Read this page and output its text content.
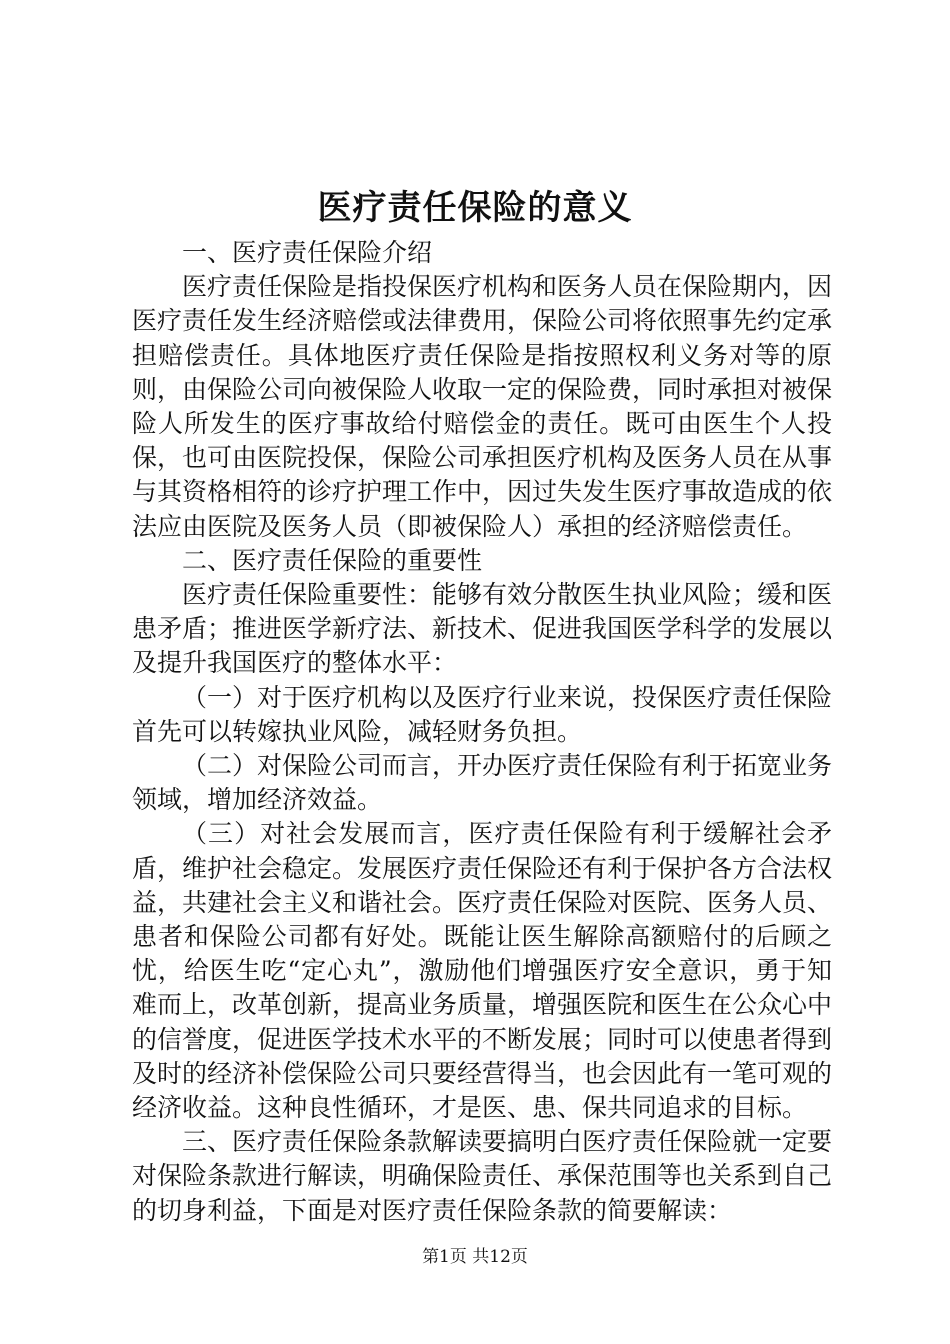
医疗责任保险的意义

一、医疗责任保险介绍

医疗责任保险是指投保医疗机构和医务人员在保险期内，因医疗责任发生经济赔偿或法律费用，保险公司将依照事先约定承担赔偿责任。具体地医疗责任保险是指按照权利义务对等的原则，由保险公司向被保险人收取一定的保险费，同时承担对被保险人所发生的医疗事故给付赔偿金的责任。既可由医生个人投保，也可由医院投保，保险公司承担医疗机构及医务人员在从事与其资格相符的诊疗护理工作中，因过失发生医疗事故造成的依法应由医院及医务人员（即被保险人）承担的经济赔偿责任。

二、医疗责任保险的重要性

医疗责任保险重要性：能够有效分散医生执业风险；缓和医患矛盾；推进医学新疗法、新技术、促进我国医学科学的发展以及提升我国医疗的整体水平：

（一）对于医疗机构以及医疗行业来说，投保医疗责任保险首先可以转嫁执业风险，减轻财务负担。

（二）对保险公司而言，开办医疗责任保险有利于拓宽业务领域，增加经济效益。

（三）对社会发展而言，医疗责任保险有利于缓解社会矛盾，维护社会稳定。发展医疗责任保险还有利于保护各方合法权益，共建社会主义和谐社会。医疗责任保险对医院、医务人员、患者和保险公司都有好处。既能让医生解除高额赔付的后顾之忧，给医生吃“定心丸”，激励他们增强医疗安全意识，勇于知难而上，改革创新，提高业务质量，增强医院和医生在公众心中的信誉度，促进医学技术水平的不断发展；同时可以使患者得到及时的经济补偿保险公司只要经营得当，也会因此有一笔可观的经济收益。这种良性循环，才是医、患、保共同追求的目标。

三、医疗责任保险条款解读要搞明白医疗责任保险就一定要对保险条款进行解读，明确保险责任、承保范围等也关系到自己的切身利益，下面是对医疗责任保险条款的简要解读：

第1页 共12页
